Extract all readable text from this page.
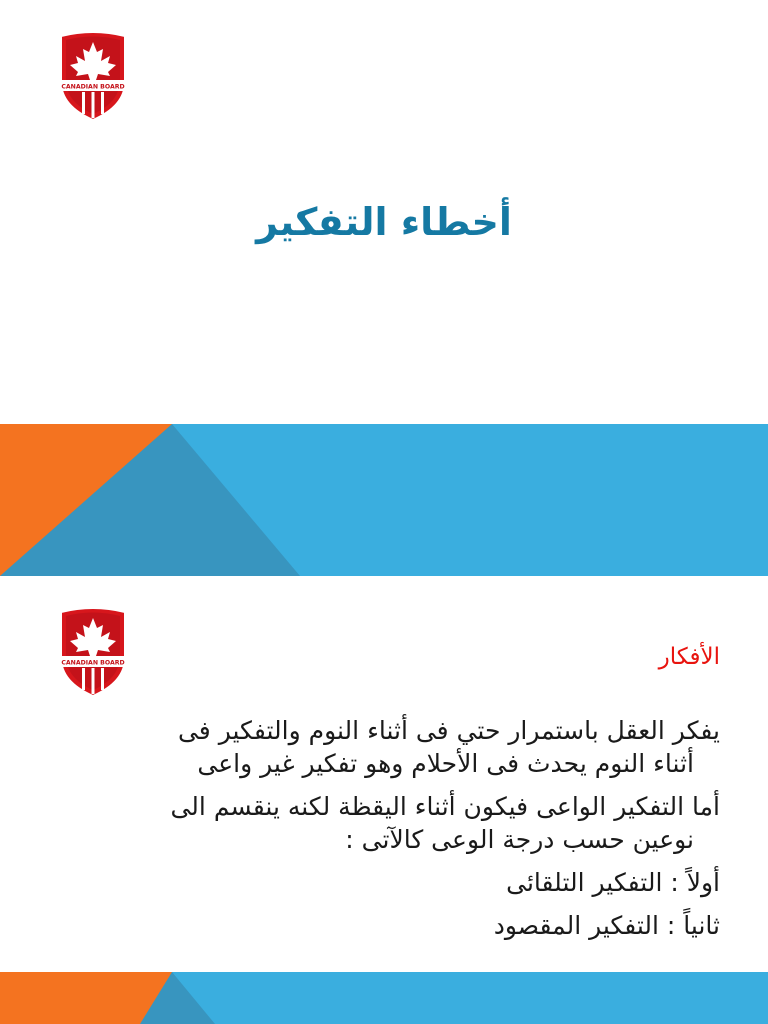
CANADIAN BOARD
أخطاء التفكير
CANADIAN BOARD	الأفكار

يفكر العقل باستمرار حتي فى أثناء النوم والتفكير فى
أثناء النوم يحدث فى الأحلام وهو تفكير غير واعى

أما التفكير الواعى فيكون أثناء اليقظة لكنه ينقسم الى
نوعين حسب درجة الوعى كالآتى :

أولاً : التفكير التلقائى

ثانياً : التفكير المقصود
